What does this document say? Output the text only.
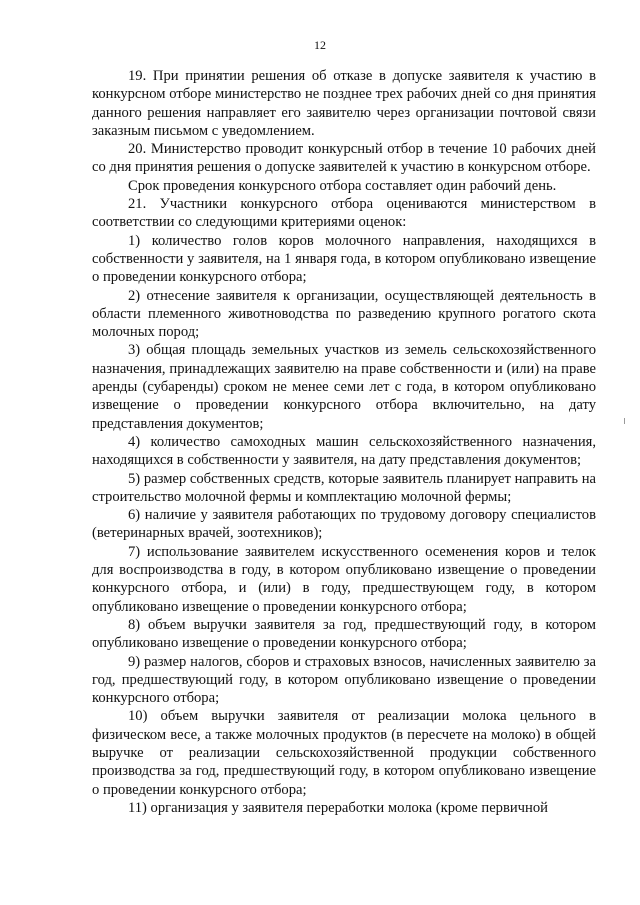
12

19. При принятии решения об отказе в допуске заявителя к участию в конкурсном отборе министерство не позднее трех рабочих дней со дня принятия данного решения направляет его заявителю через организации почтовой связи заказным письмом с уведомлением.

20. Министерство проводит конкурсный отбор в течение 10 рабочих дней со дня принятия решения о допуске заявителей к участию в конкурсном отборе.

Срок проведения конкурсного отбора составляет один рабочий день.

21. Участники конкурсного отбора оцениваются министерством в соответствии со следующими критериями оценок:

1) количество голов коров молочного направления, находящихся в собственности у заявителя, на 1 января года, в котором опубликовано извещение о проведении конкурсного отбора;

2) отнесение заявителя к организации, осуществляющей деятельность в области племенного животноводства по разведению крупного рогатого скота молочных пород;

3) общая площадь земельных участков из земель сельскохозяйственного назначения, принадлежащих заявителю на праве собственности и (или) на праве аренды (субаренды) сроком не менее семи лет с года, в котором опубликовано извещение о проведении конкурсного отбора включительно, на дату представления документов;

4) количество самоходных машин сельскохозяйственного назначения, находящихся в собственности у заявителя, на дату представления документов;

5) размер собственных средств, которые заявитель планирует направить на строительство молочной фермы и комплектацию молочной фермы;

6) наличие у заявителя работающих по трудовому договору специалистов (ветеринарных врачей, зоотехников);

7) использование заявителем искусственного осеменения коров и телок для воспроизводства в году, в котором опубликовано извещение о проведении конкурсного отбора, и (или) в году, предшествующем году, в котором опубликовано извещение о проведении конкурсного отбора;

8) объем выручки заявителя за год, предшествующий году, в котором опубликовано извещение о проведении конкурсного отбора;

9) размер налогов, сборов и страховых взносов, начисленных заявителю за год, предшествующий году, в котором опубликовано извещение о проведении конкурсного отбора;

10) объем выручки заявителя от реализации молока цельного в физическом весе, а также молочных продуктов (в пересчете на молоко) в общей выручке от реализации сельскохозяйственной продукции собственного производства за год, предшествующий году, в котором опубликовано извещение о проведении конкурсного отбора;

11) организация у заявителя переработки молока (кроме первичной
